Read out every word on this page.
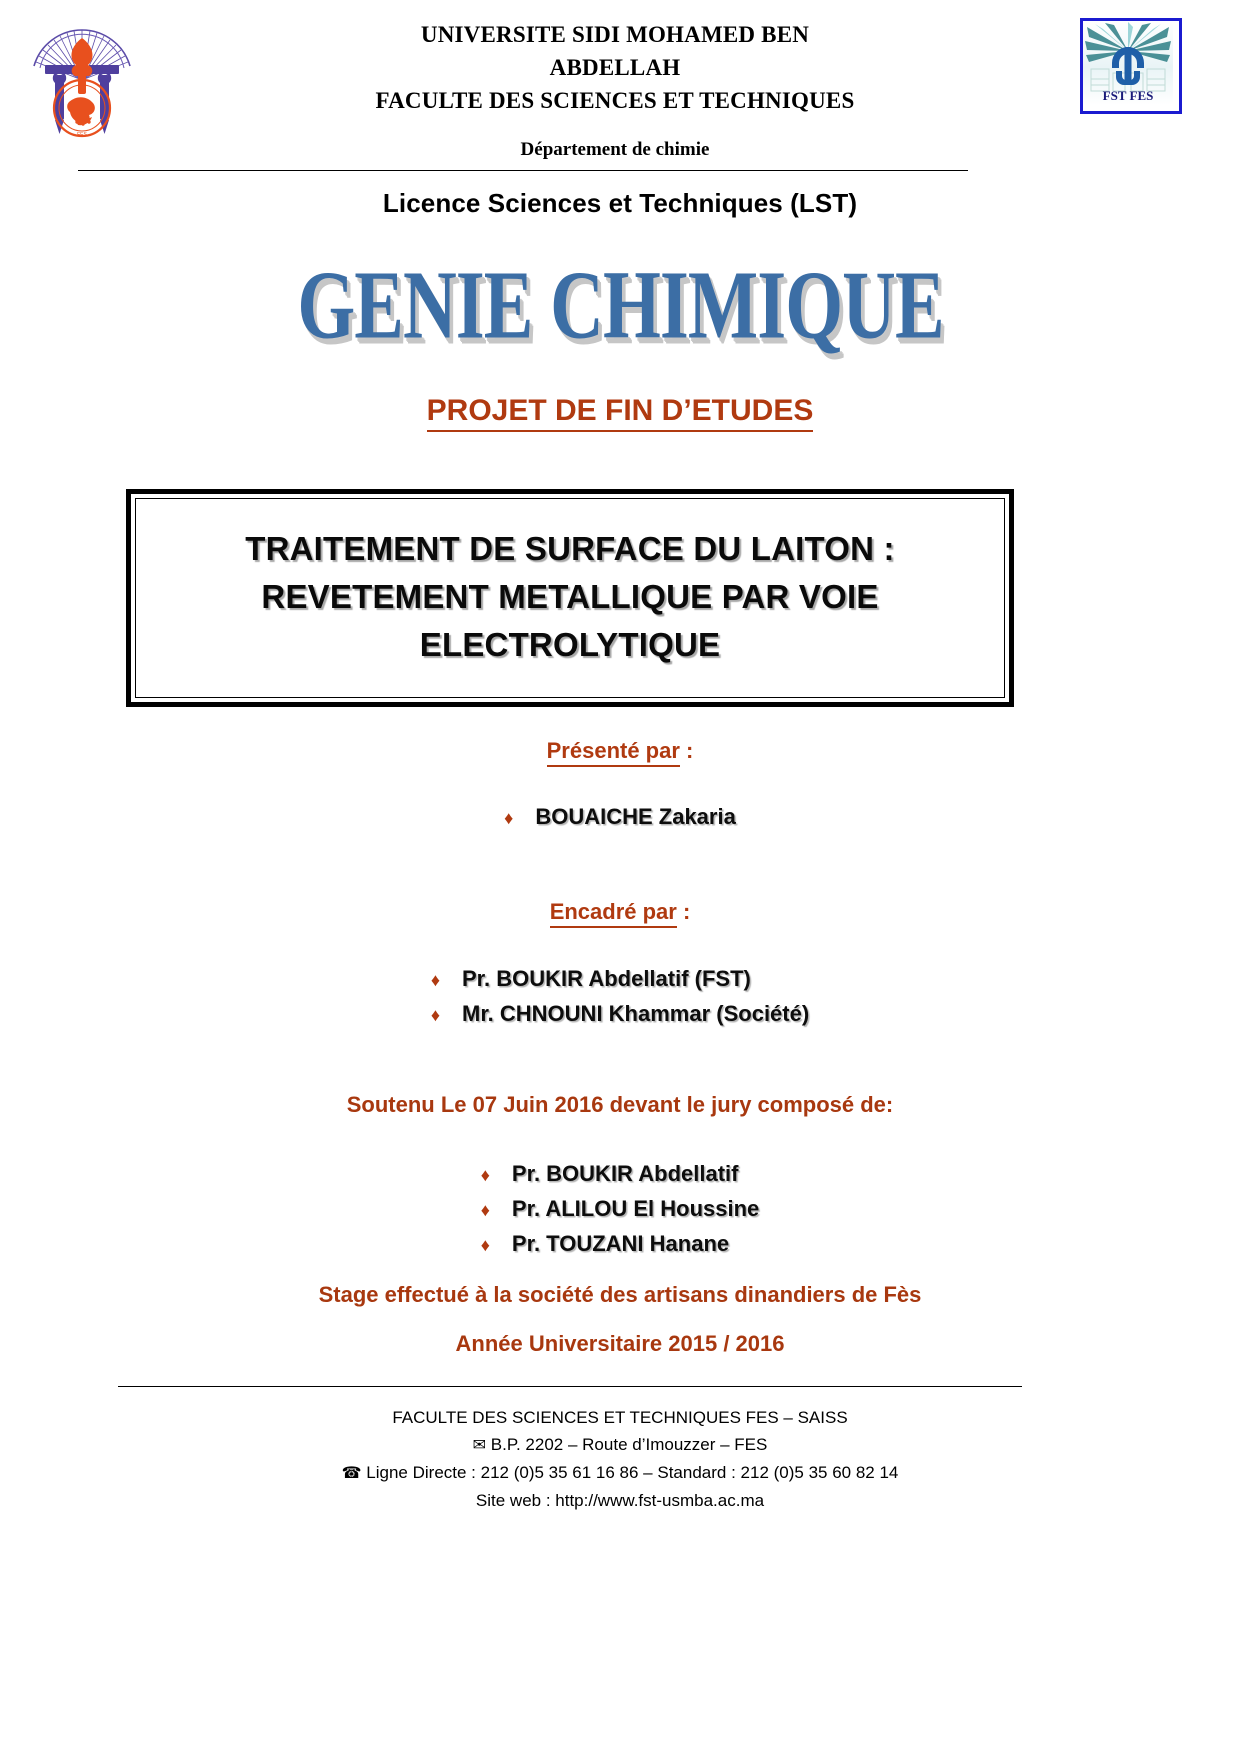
FES
UNIVERSITE SIDI MOHAMED BEN
ABDELLAH
FACULTE DES SCIENCES ET TECHNIQUES
Département de chimie
FST FES
Licence Sciences et Techniques (LST)
GENIE CHIMIQUE
PROJET DE FIN D’ETUDES
TRAITEMENT DE SURFACE DU LAITON :
REVETEMENT METALLIQUE PAR VOIE
ELECTROLYTIQUE
Présenté par :
♦ BOUAICHE Zakaria
Encadré par :
♦ Pr. BOUKIR Abdellatif (FST)
♦ Mr. CHNOUNI Khammar (Société)
Soutenu Le 07 Juin 2016 devant le jury composé de:
♦ Pr. BOUKIR Abdellatif
♦ Pr. ALILOU El Houssine
♦ Pr. TOUZANI Hanane
Stage effectué à la société des artisans dinandiers de Fès
Année Universitaire 2015 / 2016
FACULTE DES SCIENCES ET TECHNIQUES FES – SAISS
✉ B.P. 2202 – Route d’Imouzzer – FES
☎ Ligne Directe : 212 (0)5 35 61 16 86 – Standard : 212 (0)5 35 60 82 14
Site web : http://www.fst-usmba.ac.ma
